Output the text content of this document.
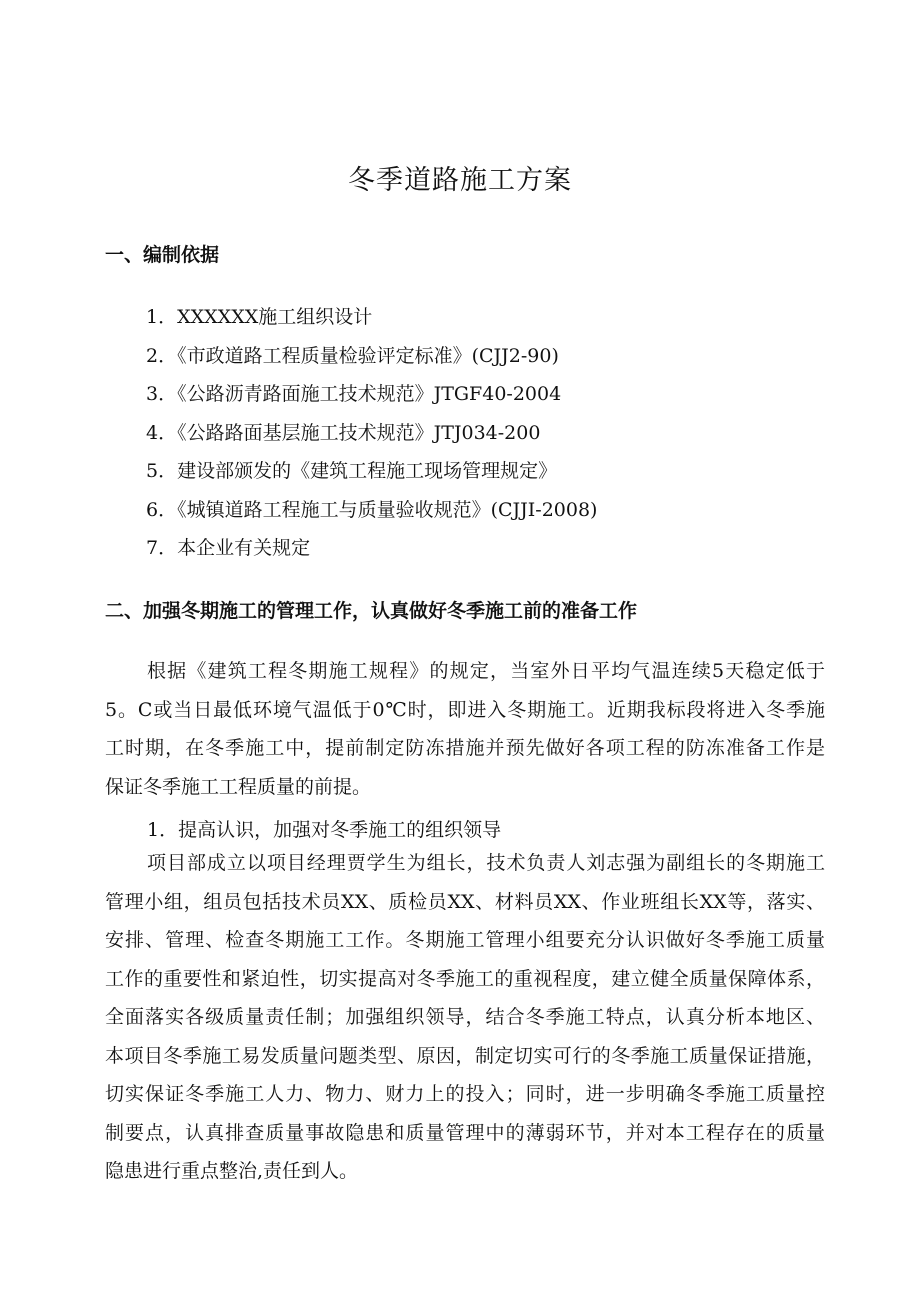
冬季道路施工方案
一、编制依据
1．XXXXXX施工组织设计
2．《市政道路工程质量检验评定标准》(CJJ2-90)
3．《公路沥青路面施工技术规范》JTGF40-2004
4．《公路路面基层施工技术规范》JTJ034-200
5．建设部颁发的《建筑工程施工现场管理规定》
6．《城镇道路工程施工与质量验收规范》(CJJI-2008)
7．本企业有关规定
二、加强冬期施工的管理工作，认真做好冬季施工前的准备工作
根据《建筑工程冬期施工规程》的规定，当室外日平均气温连续5天稳定低于
5。C或当日最低环境气温低于0℃时，即进入冬期施工。近期我标段将进入冬季施
工时期，在冬季施工中，提前制定防冻措施并预先做好各项工程的防冻准备工作是
保证冬季施工工程质量的前提。
1．提高认识，加强对冬季施工的组织领导
项目部成立以项目经理贾学生为组长，技术负责人刘志强为副组长的冬期施工
管理小组，组员包括技术员XX、质检员XX、材料员XX、作业班组长XX等，落实、
安排、管理、检查冬期施工工作。冬期施工管理小组要充分认识做好冬季施工质量
工作的重要性和紧迫性，切实提高对冬季施工的重视程度，建立健全质量保障体系，
全面落实各级质量责任制；加强组织领导，结合冬季施工特点，认真分析本地区、
本项目冬季施工易发质量问题类型、原因，制定切实可行的冬季施工质量保证措施，
切实保证冬季施工人力、物力、财力上的投入；同时，进一步明确冬季施工质量控
制要点，认真排查质量事故隐患和质量管理中的薄弱环节，并对本工程存在的质量
隐患进行重点整治,责任到人。
